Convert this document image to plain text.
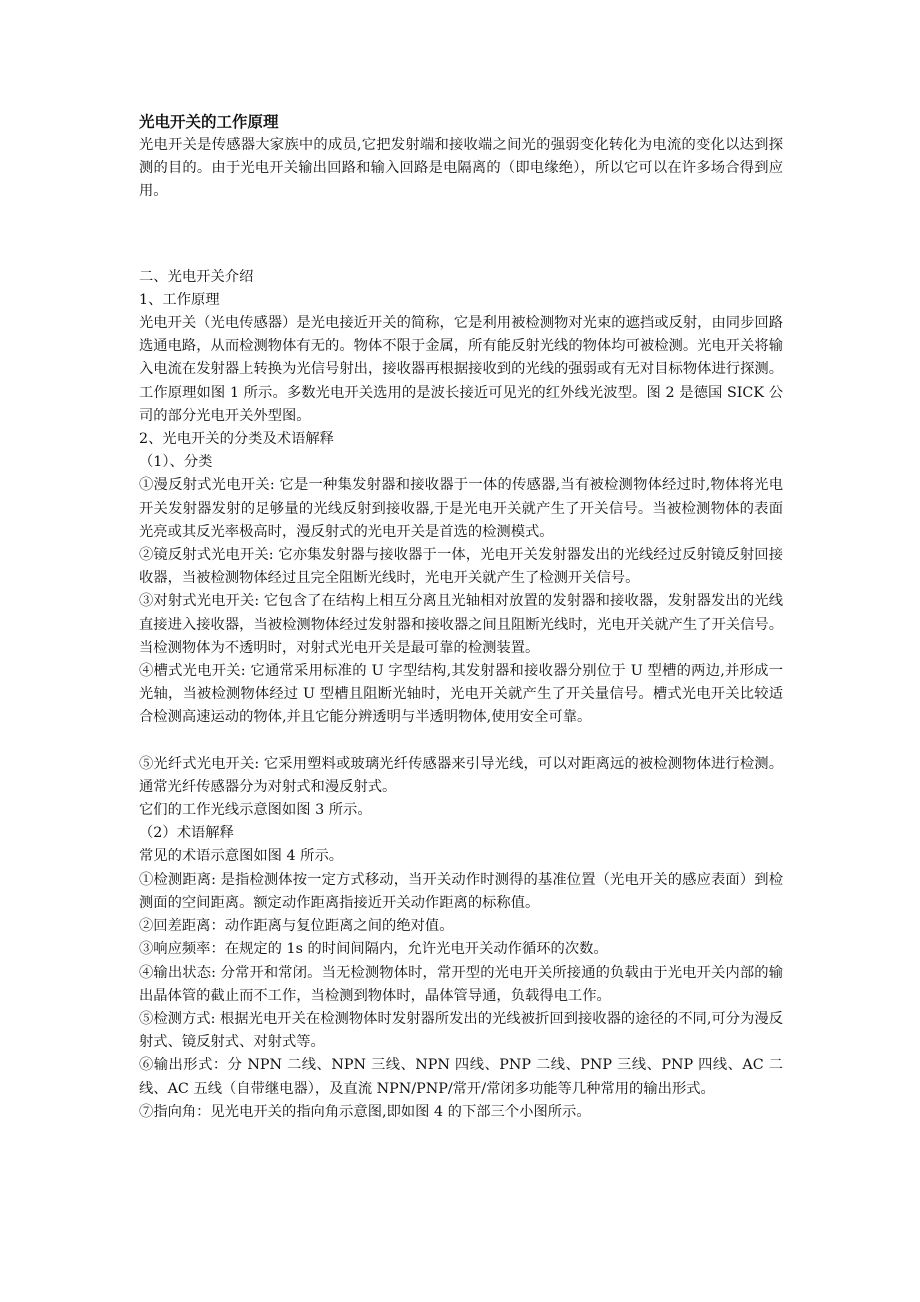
光电开关的工作原理

光电开关是传感器大家族中的成员,它把发射端和接收端之间光的强弱变化转化为电流的变化以达到探测的目的。由于光电开关输出回路和输入回路是电隔离的（即电缘绝），所以它可以在许多场合得到应用。

二、光电开关介绍

1、工作原理

光电开关（光电传感器）是光电接近开关的简称，它是利用被检测物对光束的遮挡或反射，由同步回路选通电路，从而检测物体有无的。物体不限于金属，所有能反射光线的物体均可被检测。光电开关将输入电流在发射器上转换为光信号射出，接收器再根据接收到的光线的强弱或有无对目标物体进行探测。工作原理如图 1 所示。多数光电开关选用的是波长接近可见光的红外线光波型。图 2 是德国 SICK 公司的部分光电开关外型图。

2、光电开关的分类及术语解释

（1）、分类

①漫反射式光电开关: 它是一种集发射器和接收器于一体的传感器,当有被检测物体经过时,物体将光电开关发射器发射的足够量的光线反射到接收器,于是光电开关就产生了开关信号。当被检测物体的表面光亮或其反光率极高时，漫反射式的光电开关是首选的检测模式。

②镜反射式光电开关: 它亦集发射器与接收器于一体，光电开关发射器发出的光线经过反射镜反射回接收器，当被检测物体经过且完全阻断光线时，光电开关就产生了检测开关信号。

③对射式光电开关: 它包含了在结构上相互分离且光轴相对放置的发射器和接收器，发射器发出的光线直接进入接收器，当被检测物体经过发射器和接收器之间且阻断光线时，光电开关就产生了开关信号。当检测物体为不透明时，对射式光电开关是最可靠的检测装置。

④槽式光电开关: 它通常采用标准的 U 字型结构,其发射器和接收器分别位于 U 型槽的两边,并形成一光轴，当被检测物体经过 U 型槽且阻断光轴时，光电开关就产生了开关量信号。槽式光电开关比较适合检测高速运动的物体,并且它能分辨透明与半透明物体,使用安全可靠。

⑤光纤式光电开关: 它采用塑料或玻璃光纤传感器来引导光线，可以对距离远的被检测物体进行检测。通常光纤传感器分为对射式和漫反射式。

它们的工作光线示意图如图 3 所示。

（2）术语解释

常见的术语示意图如图 4 所示。

①检测距离: 是指检测体按一定方式移动，当开关动作时测得的基准位置（光电开关的感应表面）到检测面的空间距离。额定动作距离指接近开关动作距离的标称值。

②回差距离：动作距离与复位距离之间的绝对值。

③响应频率：在规定的 1s 的时间间隔内，允许光电开关动作循环的次数。

④输出状态: 分常开和常闭。当无检测物体时，常开型的光电开关所接通的负载由于光电开关内部的输出晶体管的截止而不工作，当检测到物体时，晶体管导通，负载得电工作。

⑤检测方式: 根据光电开关在检测物体时发射器所发出的光线被折回到接收器的途径的不同,可分为漫反射式、镜反射式、对射式等。

⑥输出形式：分 NPN 二线、NPN 三线、NPN 四线、PNP 二线、PNP 三线、PNP 四线、AC 二线、AC 五线（自带继电器），及直流 NPN/PNP/常开/常闭多功能等几种常用的输出形式。

⑦指向角：见光电开关的指向角示意图,即如图 4 的下部三个小图所示。
